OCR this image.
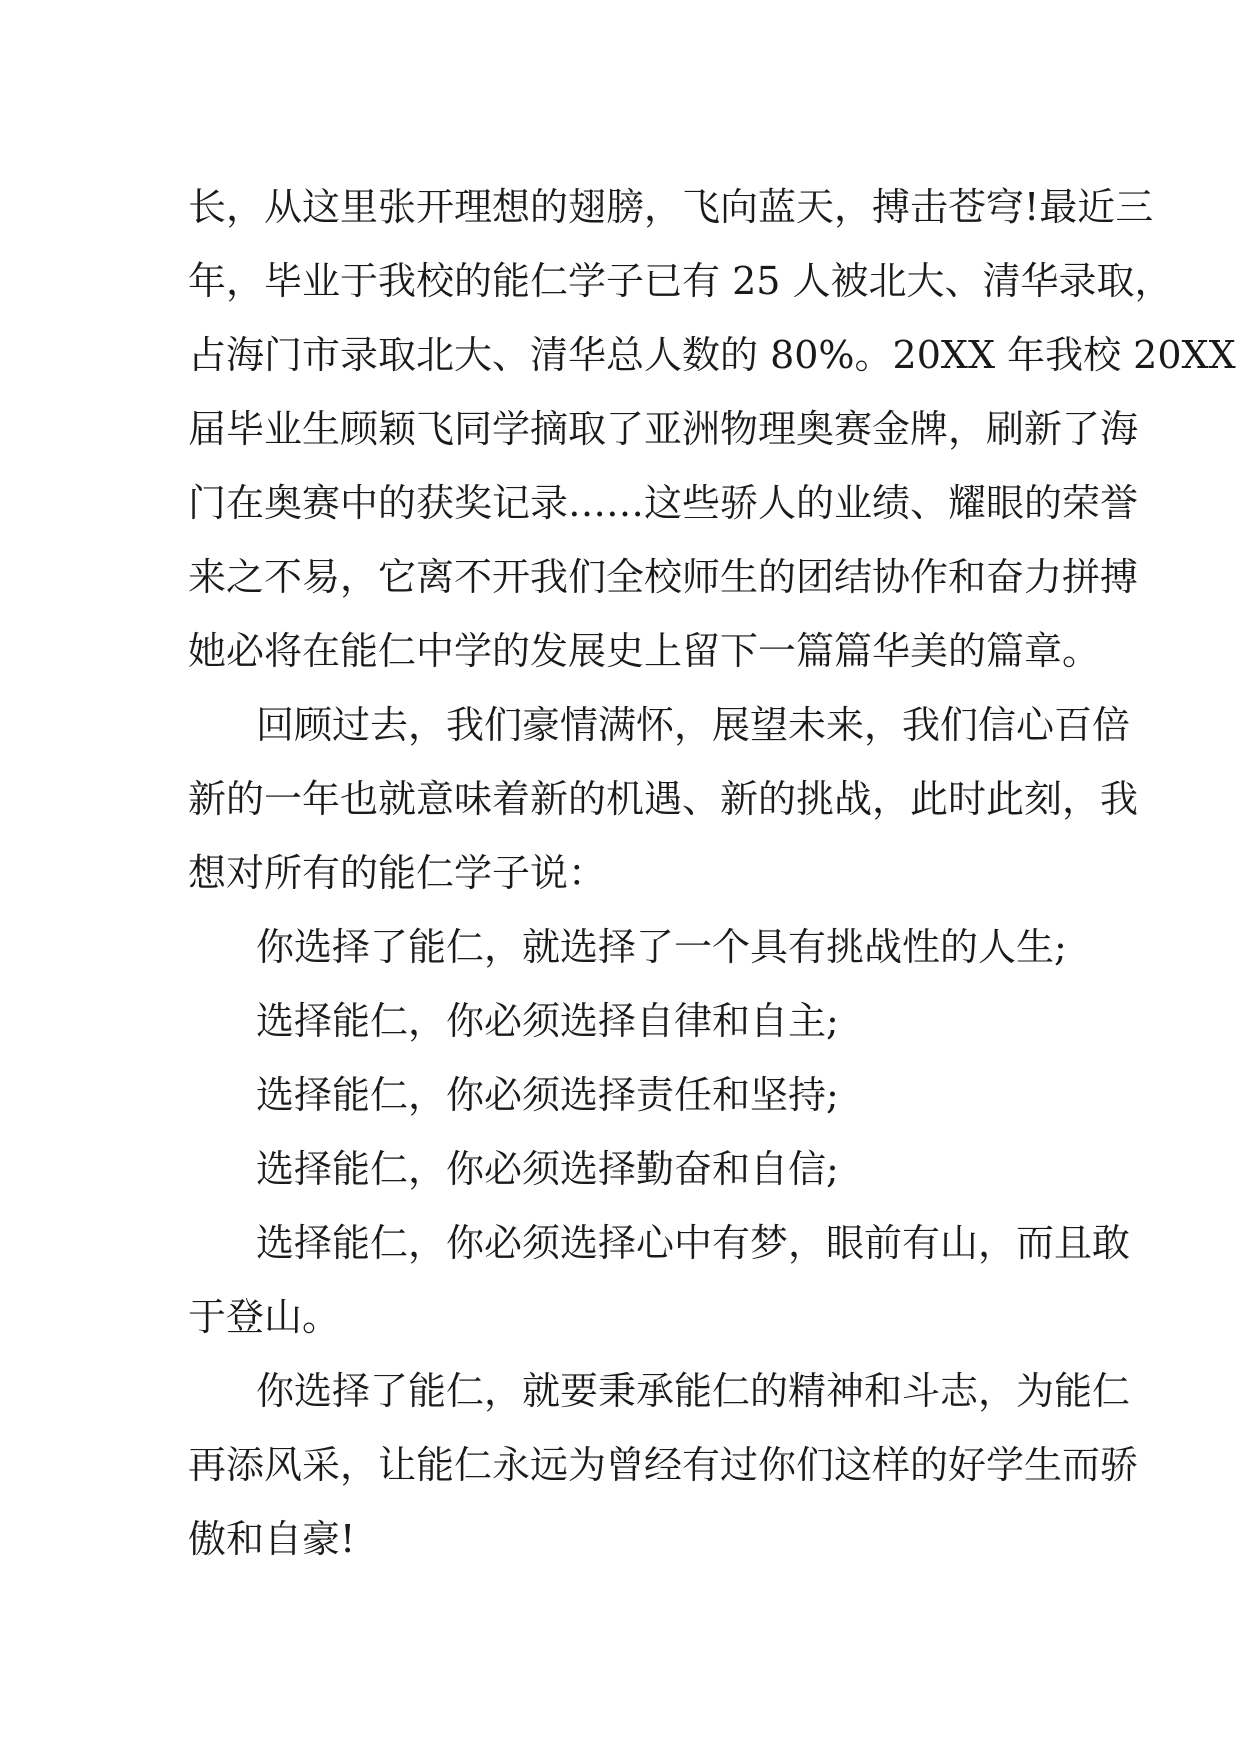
长，从这里张开理想的翅膀，飞向蓝天，搏击苍穹!最近三
年，毕业于我校的能仁学子已有 25 人被北大、清华录取，
占海门市录取北大、清华总人数的 80%。20XX 年我校 20XX
届毕业生顾颖飞同学摘取了亚洲物理奥赛金牌，刷新了海
门在奥赛中的获奖记录……这些骄人的业绩、耀眼的荣誉
来之不易，它离不开我们全校师生的团结协作和奋力拼搏
她必将在能仁中学的发展史上留下一篇篇华美的篇章。
回顾过去，我们豪情满怀，展望未来，我们信心百倍
新的一年也就意味着新的机遇、新的挑战，此时此刻，我
想对所有的能仁学子说：
你选择了能仁，就选择了一个具有挑战性的人生;
选择能仁，你必须选择自律和自主;
选择能仁，你必须选择责任和坚持;
选择能仁，你必须选择勤奋和自信;
选择能仁，你必须选择心中有梦，眼前有山，而且敢
于登山。
你选择了能仁，就要秉承能仁的精神和斗志，为能仁
再添风采，让能仁永远为曾经有过你们这样的好学生而骄
傲和自豪!
